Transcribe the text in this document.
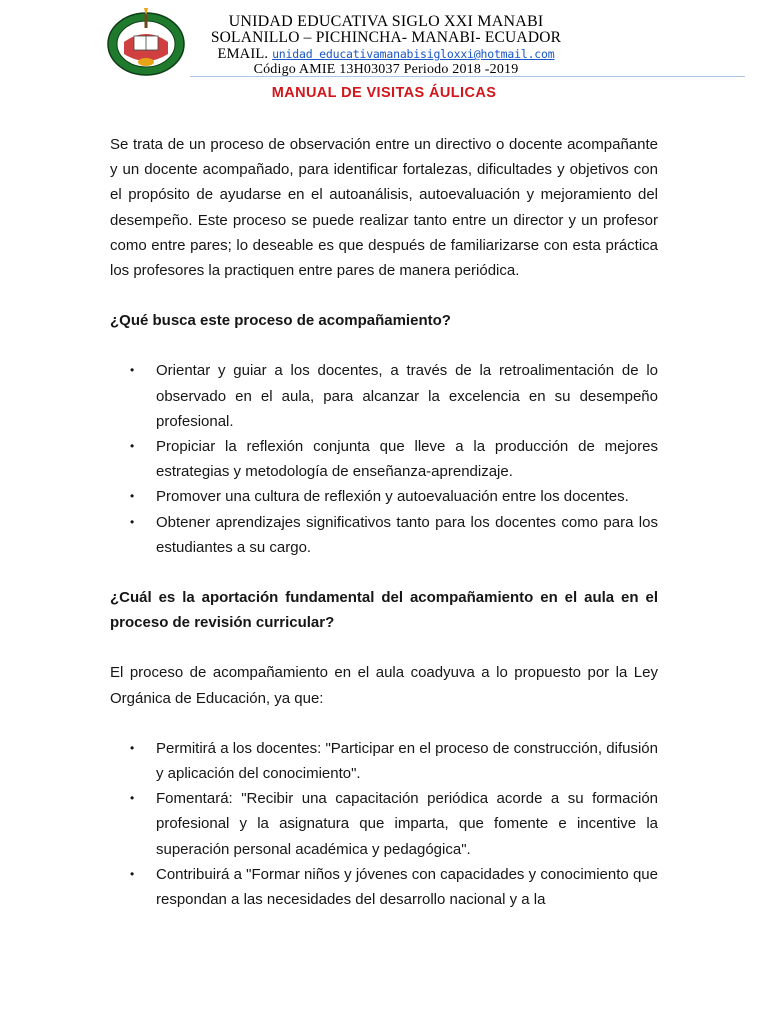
UNIDAD EDUCATIVA SIGLO XXI MANABI
SOLANILLO – PICHINCHA- MANABI- ECUADOR
EMAIL. unidad educativamanabisigloxxi@hotmail.com
Código AMIE 13H03037 Periodo 2018 -2019
MANUAL DE VISITAS ÁULICAS

Se trata de un proceso de observación entre un directivo o docente acompañante y un docente acompañado, para identificar fortalezas, dificultades y objetivos con el propósito de ayudarse en el autoanálisis, autoevaluación y mejoramiento del desempeño. Este proceso se puede realizar tanto entre un director y un profesor como entre pares; lo deseable es que después de familiarizarse con esta práctica los profesores la practiquen entre pares de manera periódica.

¿Qué busca este proceso de acompañamiento?

• Orientar y guiar a los docentes, a través de la retroalimentación de lo observado en el aula, para alcanzar la excelencia en su desempeño profesional.
• Propiciar la reflexión conjunta que lleve a la producción de mejores estrategias y metodología de enseñanza-aprendizaje.
• Promover una cultura de reflexión y autoevaluación entre los docentes.
• Obtener aprendizajes significativos tanto para los docentes como para los estudiantes a su cargo.

¿Cuál es la aportación fundamental del acompañamiento en el aula en el proceso de revisión curricular?

El proceso de acompañamiento en el aula coadyuva a lo propuesto por la Ley Orgánica de Educación, ya que:

• Permitirá a los docentes: "Participar en el proceso de construcción, difusión y aplicación del conocimiento".
• Fomentará: "Recibir una capacitación periódica acorde a su formación profesional y la asignatura que imparta, que fomente e incentive la superación personal académica y pedagógica".
• Contribuirá a "Formar niños y jóvenes con capacidades y conocimiento que respondan a las necesidades del desarrollo nacional y a la
